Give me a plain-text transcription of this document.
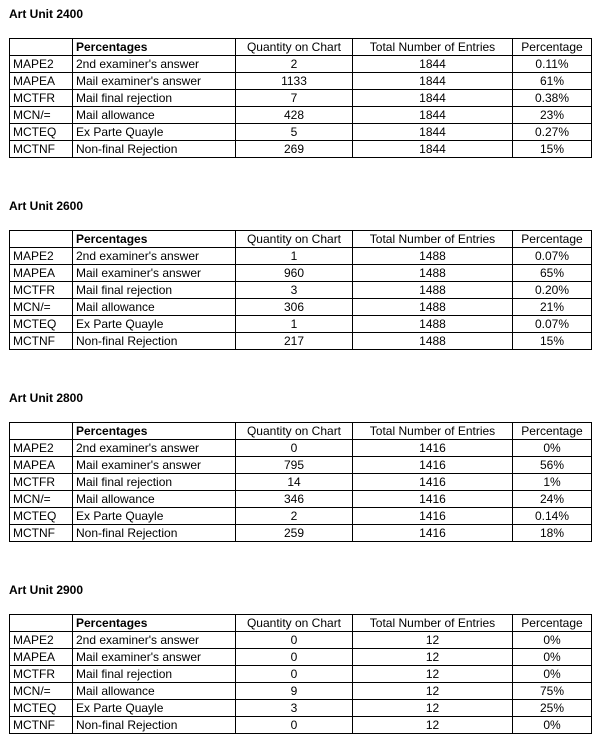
Art Unit 2400
	Percentages	Quantity on Chart	Total Number of Entries	Percentage
MAPE2	2nd examiner's answer	2	1844	0.11%
MAPEA	Mail examiner's answer	1133	1844	61%
MCTFR	Mail final rejection	7	1844	0.38%
MCN/=	Mail allowance	428	1844	23%
MCTEQ	Ex Parte Quayle	5	1844	0.27%
MCTNF	Non-final Rejection	269	1844	15%
Art Unit 2600
	Percentages	Quantity on Chart	Total Number of Entries	Percentage
MAPE2	2nd examiner's answer	1	1488	0.07%
MAPEA	Mail examiner's answer	960	1488	65%
MCTFR	Mail final rejection	3	1488	0.20%
MCN/=	Mail allowance	306	1488	21%
MCTEQ	Ex Parte Quayle	1	1488	0.07%
MCTNF	Non-final Rejection	217	1488	15%
Art Unit 2800
	Percentages	Quantity on Chart	Total Number of Entries	Percentage
MAPE2	2nd examiner's answer	0	1416	0%
MAPEA	Mail examiner's answer	795	1416	56%
MCTFR	Mail final rejection	14	1416	1%
MCN/=	Mail allowance	346	1416	24%
MCTEQ	Ex Parte Quayle	2	1416	0.14%
MCTNF	Non-final Rejection	259	1416	18%
Art Unit 2900
	Percentages	Quantity on Chart	Total Number of Entries	Percentage
MAPE2	2nd examiner's answer	0	12	0%
MAPEA	Mail examiner's answer	0	12	0%
MCTFR	Mail final rejection	0	12	0%
MCN/=	Mail allowance	9	12	75%
MCTEQ	Ex Parte Quayle	3	12	25%
MCTNF	Non-final Rejection	0	12	0%
